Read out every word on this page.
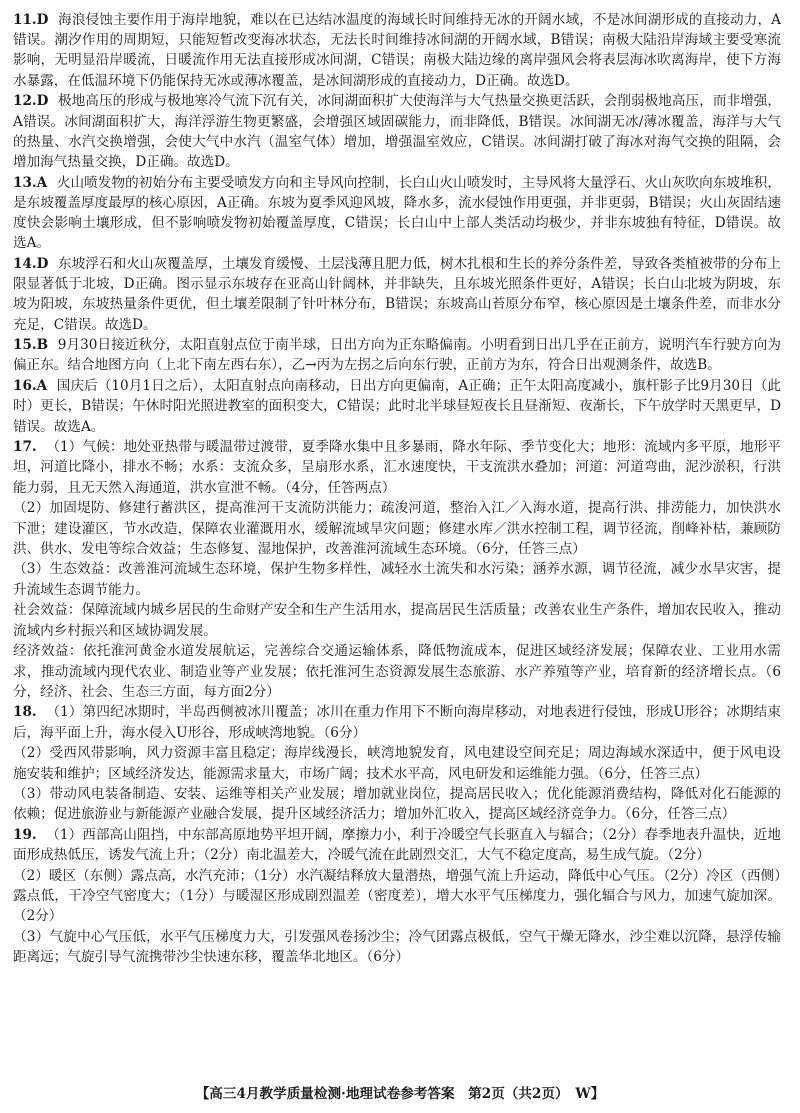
11.D  海浪侵蚀主要作用于海岸地貌，难以在已达结冰温度的海域长时间维持无冰的开阔水域，不是冰间湖形成的直接动力，A错误。潮汐作用的周期短，只能短暂改变海冰状态，无法长时间维持冰间湖的开阔水域，B错误；南极大陆沿岸海域主要受寒流影响，无明显沿岸暖流，日暖流作用无法直接形成冰间湖，C错误；南极大陆边缘的离岸强风会将表层海冰吹离海岸，使下方海水暴露，在低温环境下仍能保持无冰或薄冰覆盖，是冰间湖形成的直接动力，D正确。故选D。

12.D  极地高压的形成与极地寒冷气流下沉有关，冰间湖面积扩大使海洋与大气热量交换更活跃，会削弱极地高压，而非增强，A错误。冰间湖面积扩大，海洋浮游生物更繁盛，会增强区域固碳能力，而非降低，B错误。冰间湖无冰/薄冰覆盖，海洋与大气的热量、水汽交换增强，会使大气中水汽（温室气体）增加，增强温室效应，C错误。冰间湖打破了海冰对海气交换的阻隔，会增加海气热量交换，D正确。故选D。

13.A  火山喷发物的初始分布主要受喷发方向和主导风向控制，长白山火山喷发时，主导风将大量浮石、火山灰吹向东坡堆积，是东坡覆盖厚度最厚的核心原因，A正确。东坡为夏季风迎风坡，降水多，流水侵蚀作用更强，并非更弱，B错误；火山灰固结速度快会影响土壤形成，但不影响喷发物初始覆盖厚度，C错误；长白山中上部人类活动均极少，并非东坡独有特征，D错误。故选A。

14.D  东坡浮石和火山灰覆盖厚，土壤发育缓慢、土层浅薄且肥力低，树木扎根和生长的养分条件差，导致各类植被带的分布上限显著低于北坡，D正确。图示显示东坡存在亚高山针阔林，并非缺失，且东坡光照条件更好，A错误；长白山北坡为阴坡，东坡为阳坡，东坡热量条件更优，但土壤差限制了针叶林分布，B错误；东坡高山苔原分布窄，核心原因是土壤条件差，而非水分充足，C错误。故选D。

15.B  9月30日接近秋分，太阳直射点位于南半球，日出方向为正东略偏南。小明看到日出几乎在正前方，说明汽车行驶方向为偏正东。结合地图方向（上北下南左西右东），乙→丙为左拐之后向东行驶，正前方为东，符合日出观测条件，故选B。

16.A  国庆后（10月1日之后），太阳直射点向南移动，日出方向更偏南，A正确；正午太阳高度减小，旗杆影子比9月30日（此时）更长，B错误；午休时阳光照进教室的面积变大，C错误；此时北半球昼短夜长且昼渐短、夜渐长，下午放学时天黑更早，D错误。故选A。

17.  （1）气候：地处亚热带与暖温带过渡带，夏季降水集中且多暴雨，降水年际、季节变化大；地形：流域内多平原，地形平坦，河道比降小，排水不畅；水系：支流众多，呈扇形水系，汇水速度快，干支流洪水叠加；河道：河道弯曲，泥沙淤积，行洪能力弱，且无天然入海通道，洪水宣泄不畅。（4分，任答两点）

（2）加固堤防、修建行蓄洪区，提高淮河干支流防洪能力；疏浚河道，整治入江／入海水道，提高行洪、排涝能力，加快洪水下泄；建设灌区，节水改造，保障农业灌溉用水，缓解流域旱灾问题；修建水库／洪水控制工程，调节径流，削峰补枯，兼顾防洪、供水、发电等综合效益；生态修复、湿地保护，改善淮河流域生态环境。（6分，任答三点）

（3）生态效益：改善淮河流域生态环境，保护生物多样性，减轻水土流失和水污染；涵养水源，调节径流，减少水旱灾害，提升流域生态调节能力。

社会效益：保障流域内城乡居民的生命财产安全和生产生活用水，提高居民生活质量；改善农业生产条件，增加农民收入，推动流域内乡村振兴和区域协调发展。

经济效益：依托淮河黄金水道发展航运，完善综合交通运输体系，降低物流成本，促进区域经济发展；保障农业、工业用水需求，推动流域内现代农业、制造业等产业发展；依托淮河生态资源发展生态旅游、水产养殖等产业，培育新的经济增长点。（6分，经济、社会、生态三方面，每方面2分）

18.  （1）第四纪冰期时，半岛西侧被冰川覆盖；冰川在重力作用下不断向海岸移动，对地表进行侵蚀，形成U形谷；冰期结束后，海平面上升，海水侵入U形谷，形成峡湾地貌。（6分）

（2）受西风带影响，风力资源丰富且稳定；海岸线漫长，峡湾地貌发育，风电建设空间充足；周边海域水深适中，便于风电设施安装和维护；区域经济发达，能源需求量大，市场广阔；技术水平高，风电研发和运维能力强。（6分，任答三点）

（3）带动风电装备制造、安装、运维等相关产业发展；增加就业岗位，提高居民收入；优化能源消费结构，降低对化石能源的依赖；促进旅游业与新能源产业融合发展，提升区域经济活力；增加外汇收入，提高区域经济竞争力。（6分，任答三点）

19.  （1）西部高山阻挡，中东部高原地势平坦开阔，摩擦力小，利于冷暖空气长驱直入与辐合；（2分）春季地表升温快，近地面形成热低压，诱发气流上升；（2分）南北温差大，冷暖气流在此剧烈交汇，大气不稳定度高，易生成气旋。（2分）

（2）暖区（东侧）露点高，水汽充沛；（1分）水汽凝结释放大量潜热，增强气流上升运动，降低中心气压。（2分）冷区（西侧）露点低，干冷空气密度大；（1分）与暖湿区形成剧烈温差（密度差），增大水平气压梯度力，强化辐合与风力，加速气旋加深。（2分）

（3）气旋中心气压低，水平气压梯度力大，引发强风卷扬沙尘；冷气团露点极低，空气干燥无降水，沙尘难以沉降，悬浮传输距离远；气旋引导气流携带沙尘快速东移，覆盖华北地区。（6分）

【高三4月教学质量检测·地理试卷参考答案　第2页（共2页）　W】
